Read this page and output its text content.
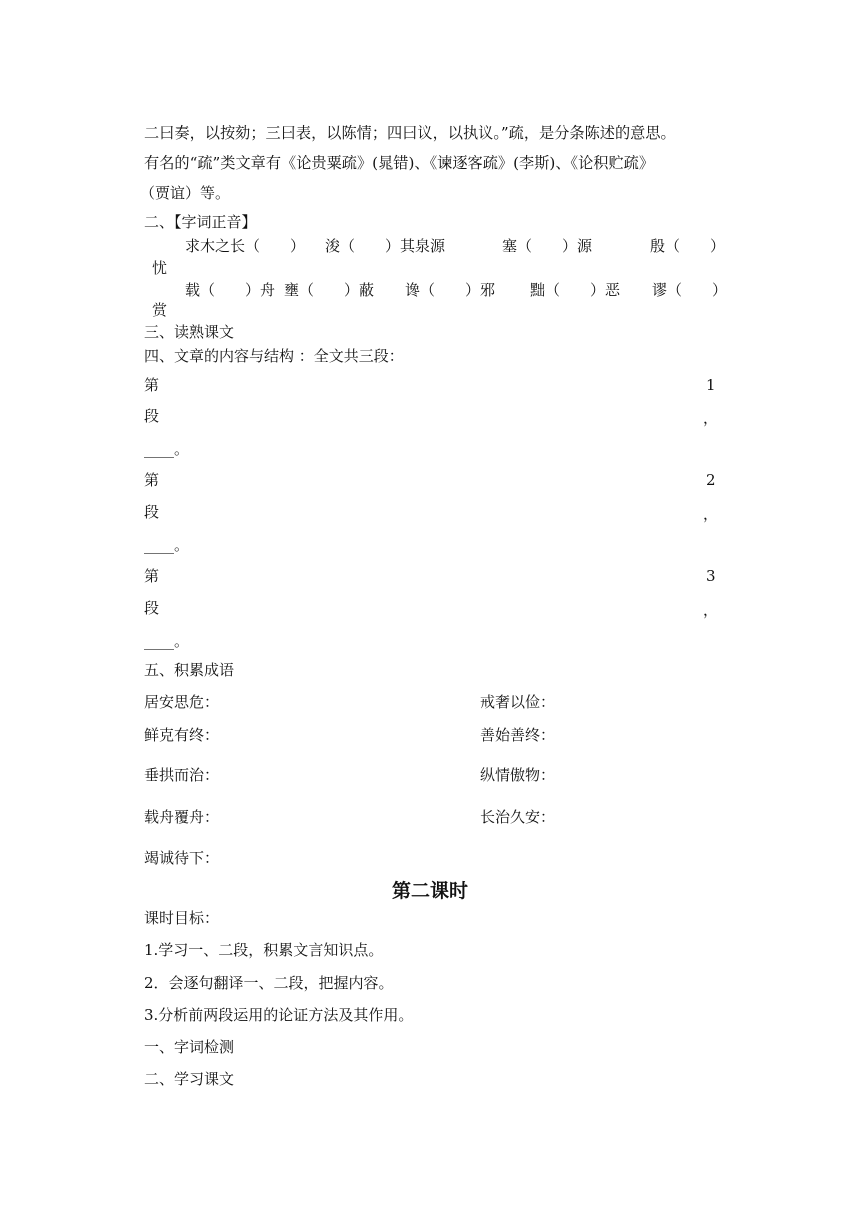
二曰奏，以按劾；三曰表，以陈情；四曰议，以执议。”疏，是分条陈述的意思。
有名的“疏”类文章有《论贵粟疏》(晁错)、《谏逐客疏》(李斯)、《论积贮疏》
（贾谊）等。
二、【字词正音】
求木之长（　　） 浚（　　）其泉源	塞（　　）源	殷（　　）
忧
载（　　）舟 壅（　　）蔽 谗（　　）邪 黜（　　）恶 谬（　　）
赏
三、读熟课文
四、文章的内容与结构 ：全文共三段：
第	1
段	，
____。
第	2
段	，
____。
第	3
段	，
____。
五、积累成语
居安思危：	戒奢以俭：
鲜克有终：	善始善终：
垂拱而治：	纵情傲物：
载舟覆舟：	长治久安：
竭诚待下：
第二课时
课时目标：
1.学习一、二段，积累文言知识点。
2．会逐句翻译一、二段，把握内容。
3.分析前两段运用的论证方法及其作用。
一、字词检测
二、学习课文
